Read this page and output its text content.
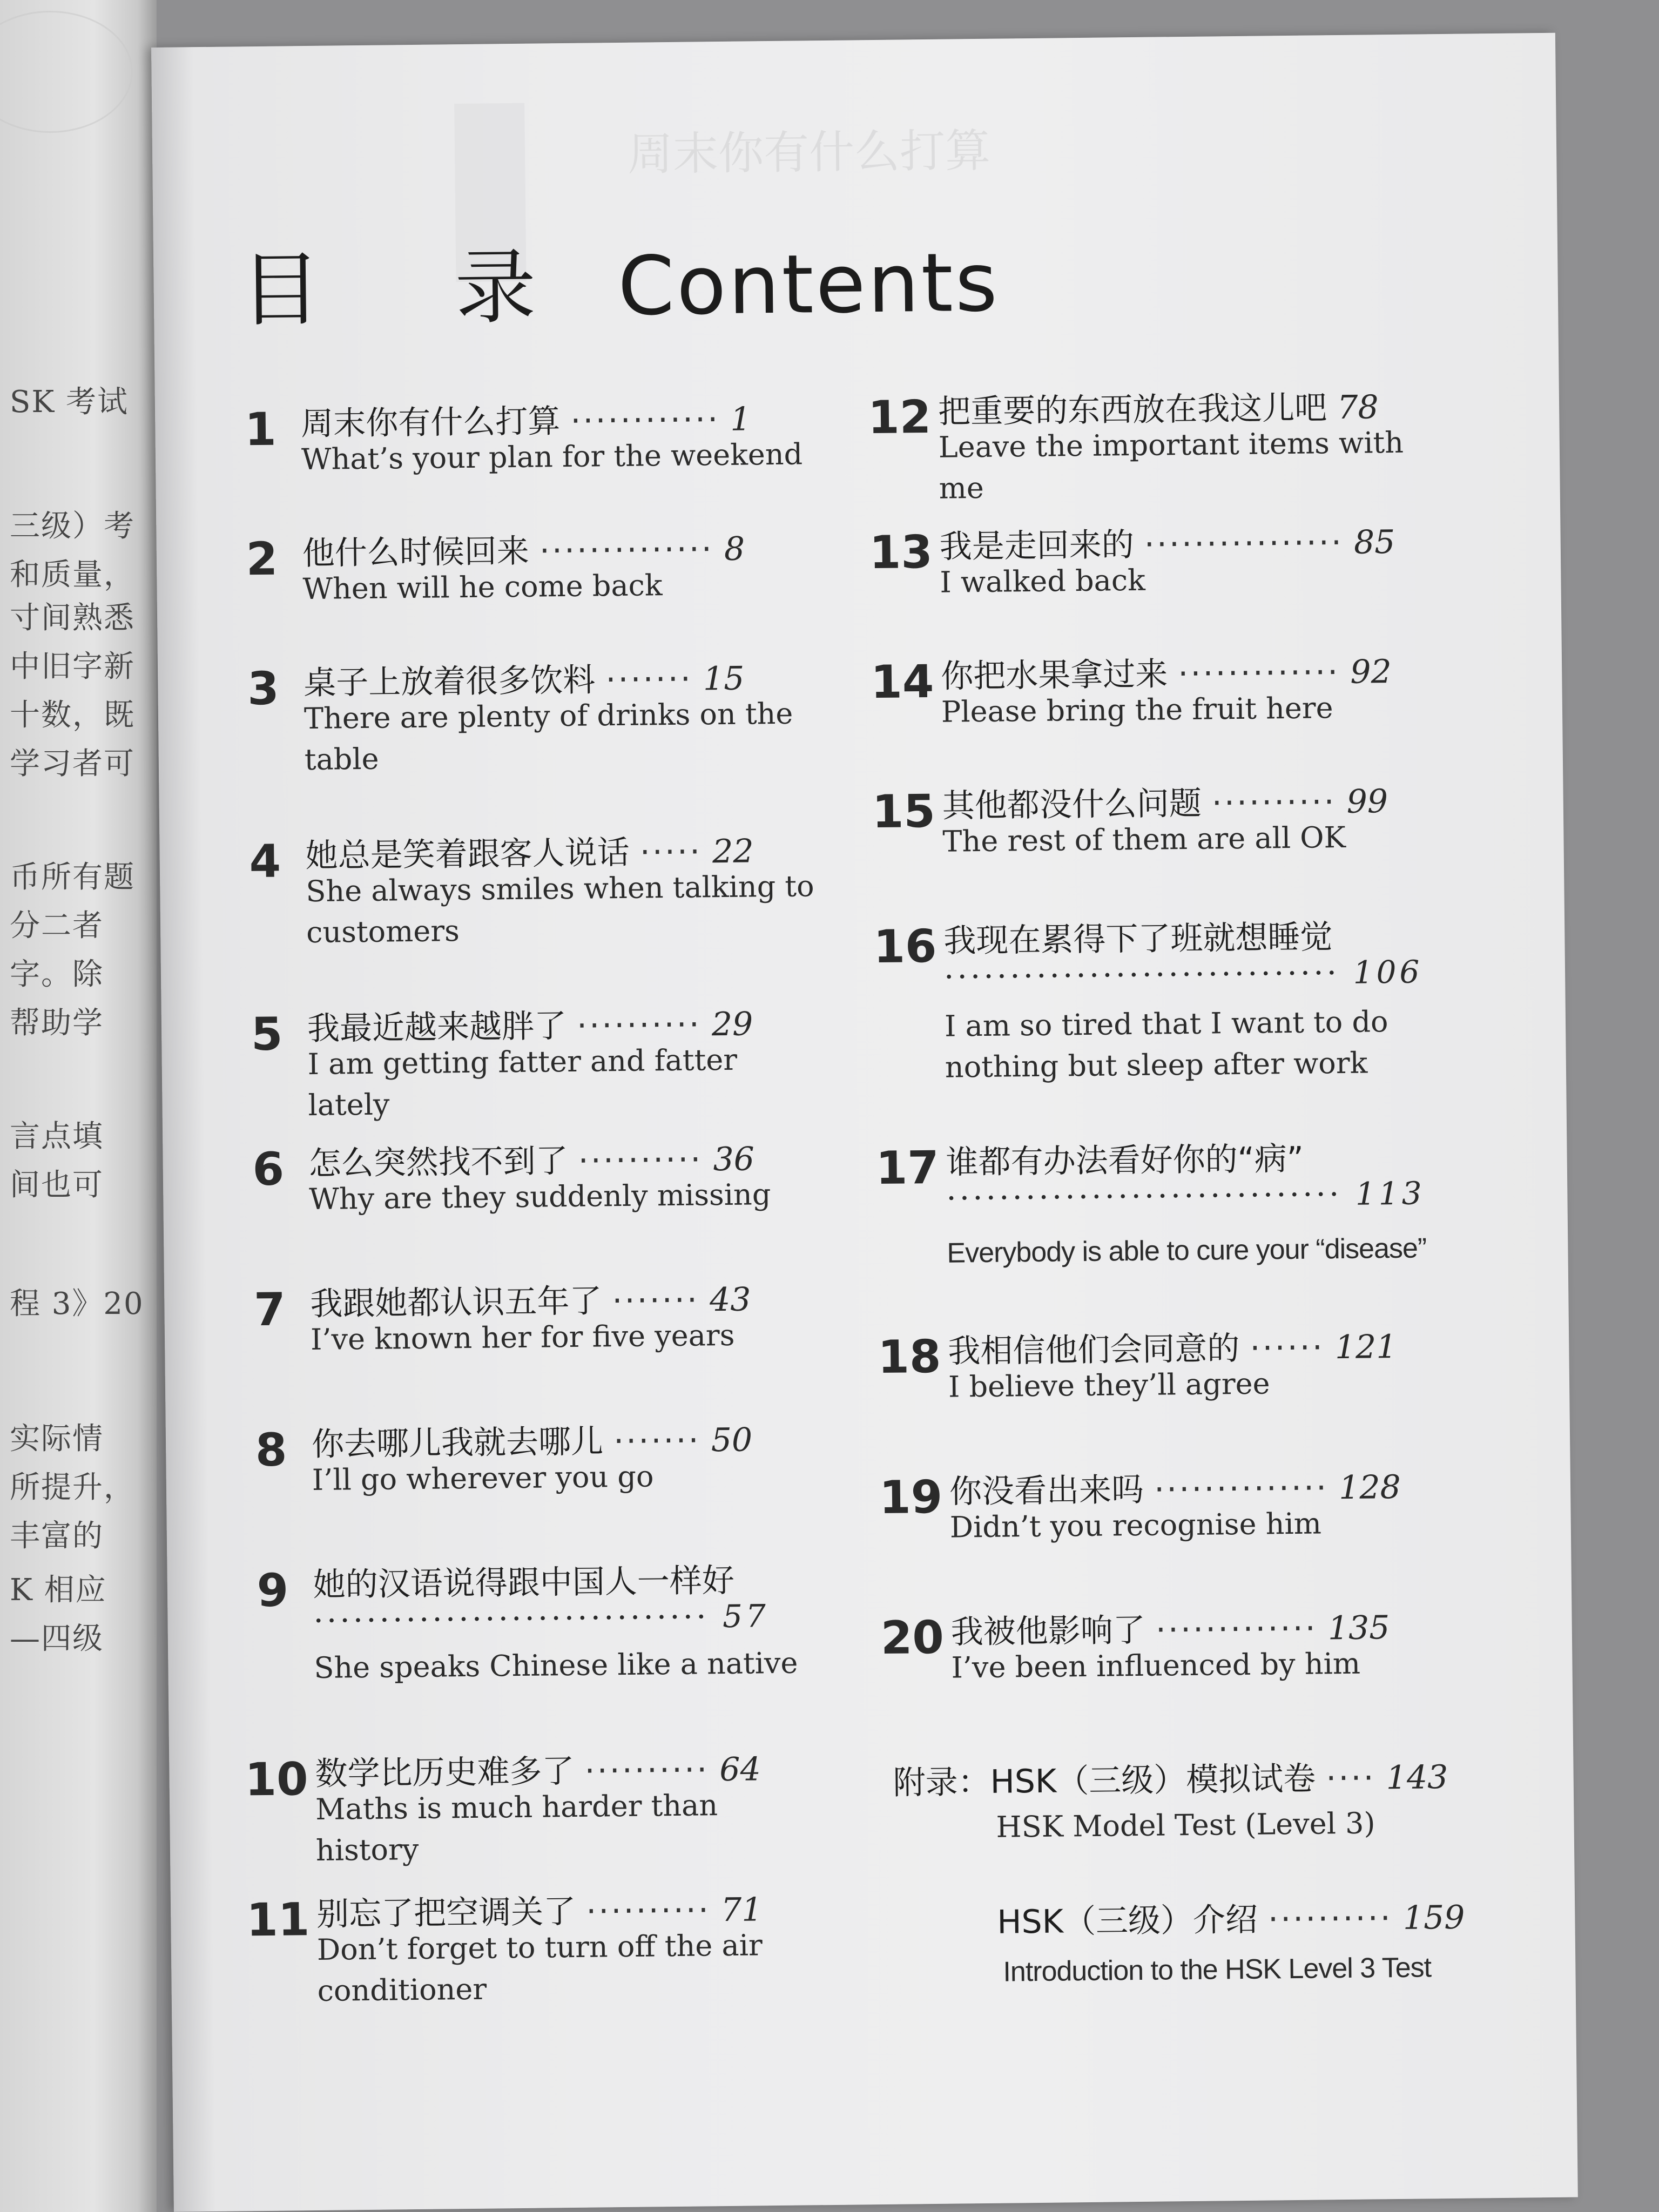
SK 考试
三级）考
和质量，
寸间熟悉
中旧字新
十数，既
学习者可
币所有题
分二者
字。除
帮助学
言点填
间也可
程 3》20
实际情
所提升，
丰富的
K 相应
—四级
周末你有什么打算
目 录 Contents
1 周末你有什么打算 ············ 1
What’s your plan for the weekend
2 他什么时候回来 ·············· 8
When will he come back
3 桌子上放着很多饮料 ······· 15
There are plenty of drinks on the table
4 她总是笑着跟客人说话 ····· 22
She always smiles when talking to customers
5 我最近越来越胖了 ·········· 29
I am getting fatter and fatter lately
6 怎么突然找不到了 ·········· 36
Why are they suddenly missing
7 我跟她都认识五年了 ······· 43
I’ve known her for five years
8 你去哪儿我就去哪儿 ······· 50
I’ll go wherever you go
9 她的汉语说得跟中国人一样好
······························ 57
She speaks Chinese like a native
10 数学比历史难多了 ·········· 64
Maths is much harder than history
11 别忘了把空调关了 ·········· 71
Don’t forget to turn off the air conditioner
12 把重要的东西放在我这儿吧 78
Leave the important items with me
13 我是走回来的 ················ 85
I walked back
14 你把水果拿过来 ············· 92
Please bring the fruit here
15 其他都没什么问题 ·········· 99
The rest of them are all OK
16 我现在累得下了班就想睡觉
······························ 106
I am so tired that I want to do nothing but sleep after work
17 谁都有办法看好你的“病”
······························ 113
Everybody is able to cure your “disease”
18 我相信他们会同意的 ······ 121
I believe they’ll agree
19 你没看出来吗 ·············· 128
Didn’t you recognise him
20 我被他影响了 ············· 135
I’ve been influenced by him
附录：HSK（三级）模拟试卷 ···· 143
HSK Model Test (Level 3)
HSK（三级）介绍 ·········· 159
Introduction to the HSK Level 3 Test
